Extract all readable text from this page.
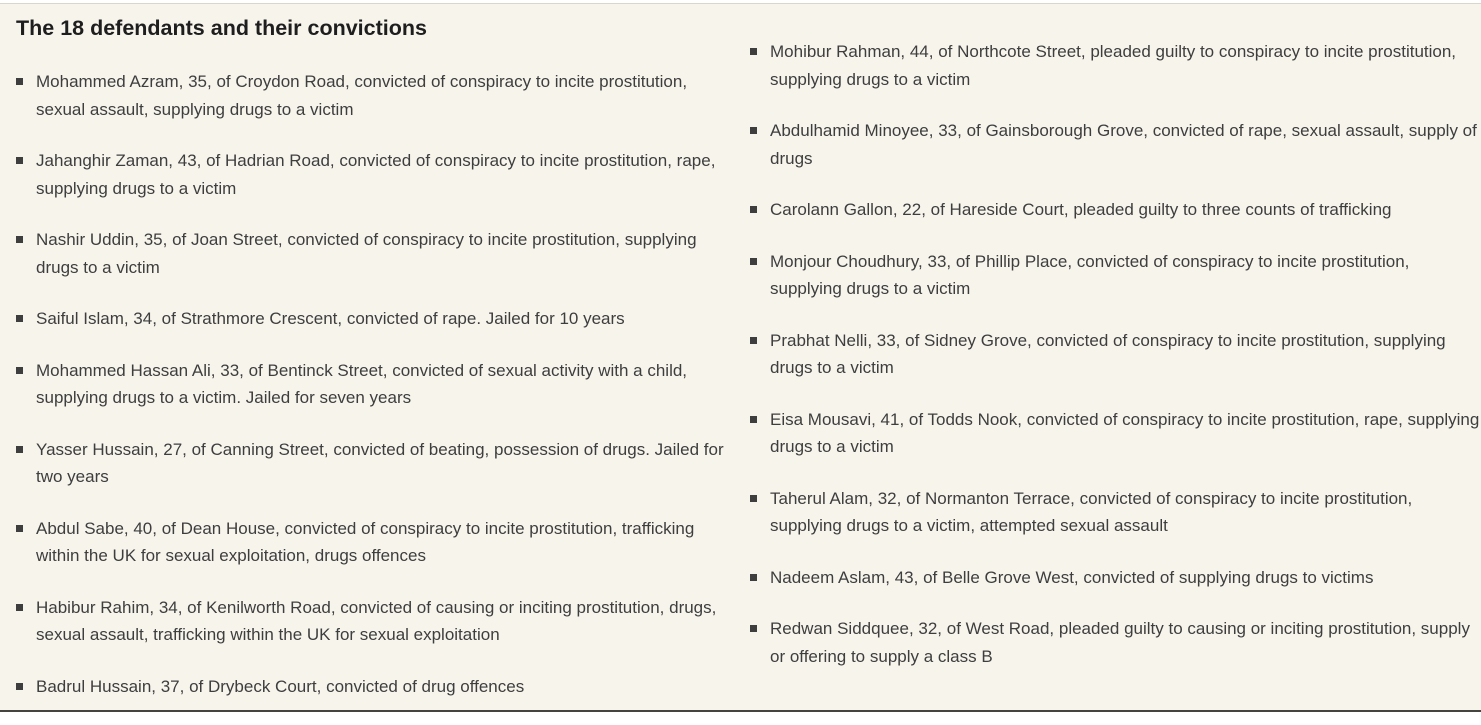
The 18 defendants and their convictions
Mohammed Azram, 35, of Croydon Road, convicted of conspiracy to incite prostitution, sexual assault, supplying drugs to a victim
Jahanghir Zaman, 43, of Hadrian Road, convicted of conspiracy to incite prostitution, rape, supplying drugs to a victim
Nashir Uddin, 35, of Joan Street, convicted of conspiracy to incite prostitution, supplying drugs to a victim
Saiful Islam, 34, of Strathmore Crescent, convicted of rape. Jailed for 10 years
Mohammed Hassan Ali, 33, of Bentinck Street, convicted of sexual activity with a child, supplying drugs to a victim. Jailed for seven years
Yasser Hussain, 27, of Canning Street, convicted of beating, possession of drugs. Jailed for two years
Abdul Sabe, 40, of Dean House, convicted of conspiracy to incite prostitution, trafficking within the UK for sexual exploitation, drugs offences
Habibur Rahim, 34, of Kenilworth Road, convicted of causing or inciting prostitution, drugs, sexual assault, trafficking within the UK for sexual exploitation
Badrul Hussain, 37, of Drybeck Court, convicted of drug offences
Mohibur Rahman, 44, of Northcote Street, pleaded guilty to conspiracy to incite prostitution, supplying drugs to a victim
Abdulhamid Minoyee, 33, of Gainsborough Grove, convicted of rape, sexual assault, supply of drugs
Carolann Gallon, 22, of Hareside Court, pleaded guilty to three counts of trafficking
Monjour Choudhury, 33, of Phillip Place, convicted of conspiracy to incite prostitution, supplying drugs to a victim
Prabhat Nelli, 33, of Sidney Grove, convicted of conspiracy to incite prostitution, supplying drugs to a victim
Eisa Mousavi, 41, of Todds Nook, convicted of conspiracy to incite prostitution, rape, supplying drugs to a victim
Taherul Alam, 32, of Normanton Terrace, convicted of conspiracy to incite prostitution, supplying drugs to a victim, attempted sexual assault
Nadeem Aslam, 43, of Belle Grove West, convicted of supplying drugs to victims
Redwan Siddquee, 32, of West Road, pleaded guilty to causing or inciting prostitution, supply or offering to supply a class B
